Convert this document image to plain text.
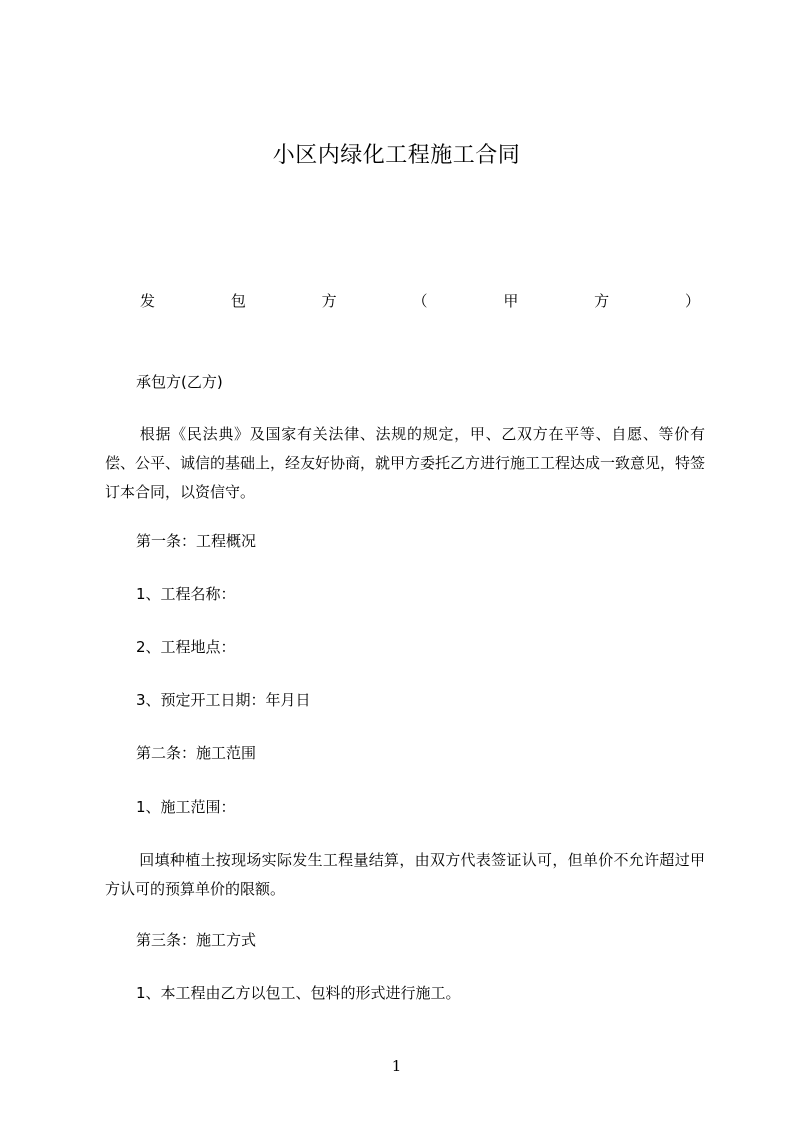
小区内绿化工程施工合同
发	包	方	（	甲	方	）
承包方(乙方)
根据《民法典》及国家有关法律、法规的规定，甲、乙双方在平等、自愿、等价有偿、公平、诚信的基础上，经友好协商，就甲方委托乙方进行施工工程达成一致意见，特签订本合同，以资信守。
第一条：工程概况
1、工程名称：
2、工程地点：
3、预定开工日期：年月日
第二条：施工范围
1、施工范围：
回填种植土按现场实际发生工程量结算，由双方代表签证认可，但单价不允许超过甲方认可的预算单价的限额。
第三条：施工方式
1、本工程由乙方以包工、包料的形式进行施工。
1
